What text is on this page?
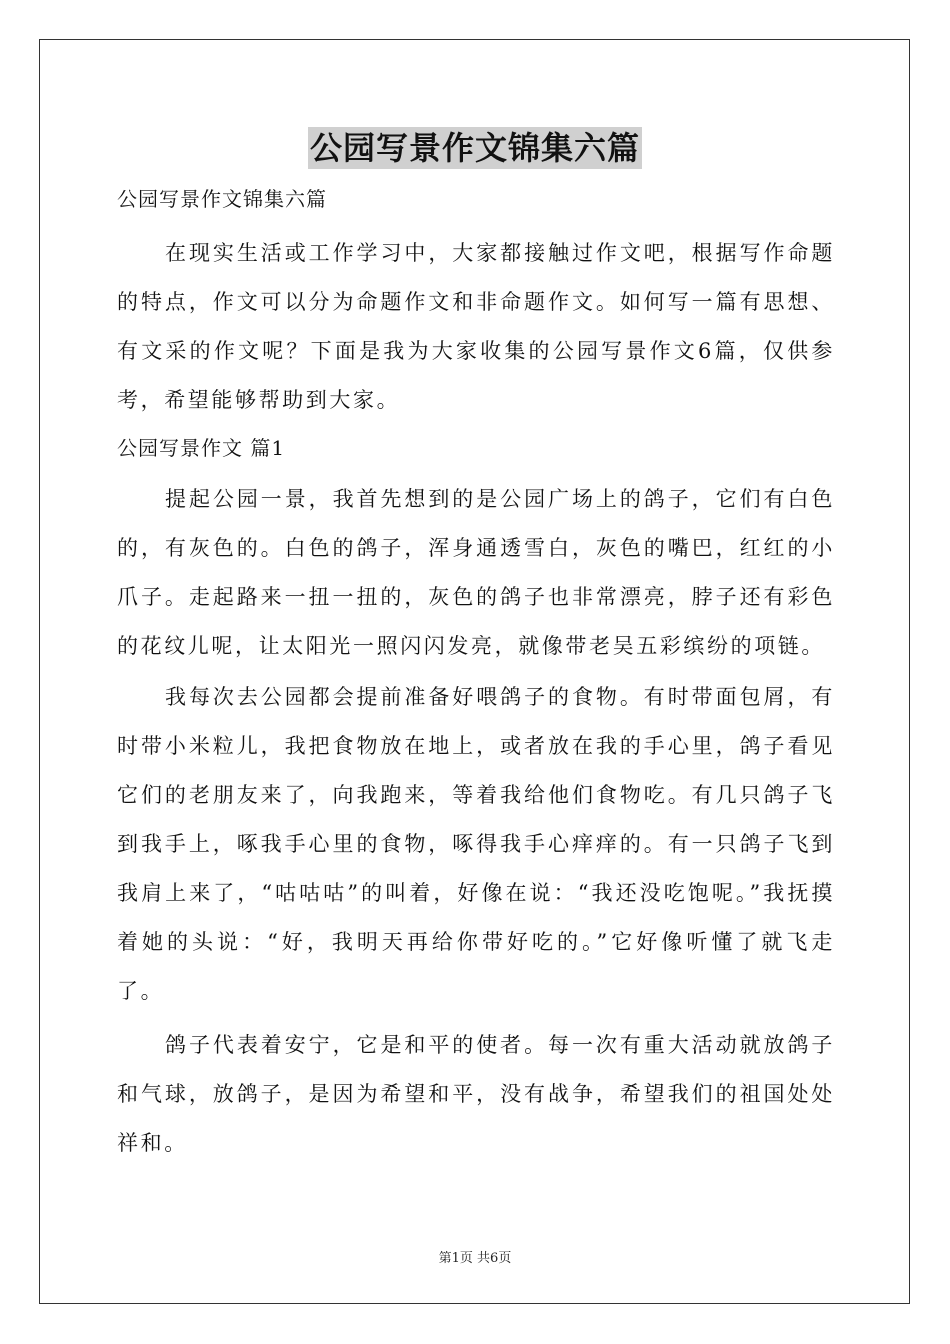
公园写景作文锦集六篇
公园写景作文锦集六篇
在现实生活或工作学习中，大家都接触过作文吧，根据写作命题的特点，作文可以分为命题作文和非命题作文。如何写一篇有思想、有文采的作文呢？下面是我为大家收集的公园写景作文6篇，仅供参考，希望能够帮助到大家。
公园写景作文 篇1
提起公园一景，我首先想到的是公园广场上的鸽子，它们有白色的，有灰色的。白色的鸽子，浑身通透雪白，灰色的嘴巴，红红的小爪子。走起路来一扭一扭的，灰色的鸽子也非常漂亮，脖子还有彩色的花纹儿呢，让太阳光一照闪闪发亮，就像带老吴五彩缤纷的项链。
我每次去公园都会提前准备好喂鸽子的食物。有时带面包屑，有时带小米粒儿，我把食物放在地上，或者放在我的手心里，鸽子看见它们的老朋友来了，向我跑来，等着我给他们食物吃。有几只鸽子飞到我手上，啄我手心里的食物，啄得我手心痒痒的。有一只鸽子飞到我肩上来了，“咕咕咕”的叫着，好像在说：“我还没吃饱呢。”我抚摸着她的头说：“好，我明天再给你带好吃的。”它好像听懂了就飞走了。
鸽子代表着安宁，它是和平的使者。每一次有重大活动就放鸽子和气球，放鸽子，是因为希望和平，没有战争，希望我们的祖国处处祥和。
第1页 共6页
